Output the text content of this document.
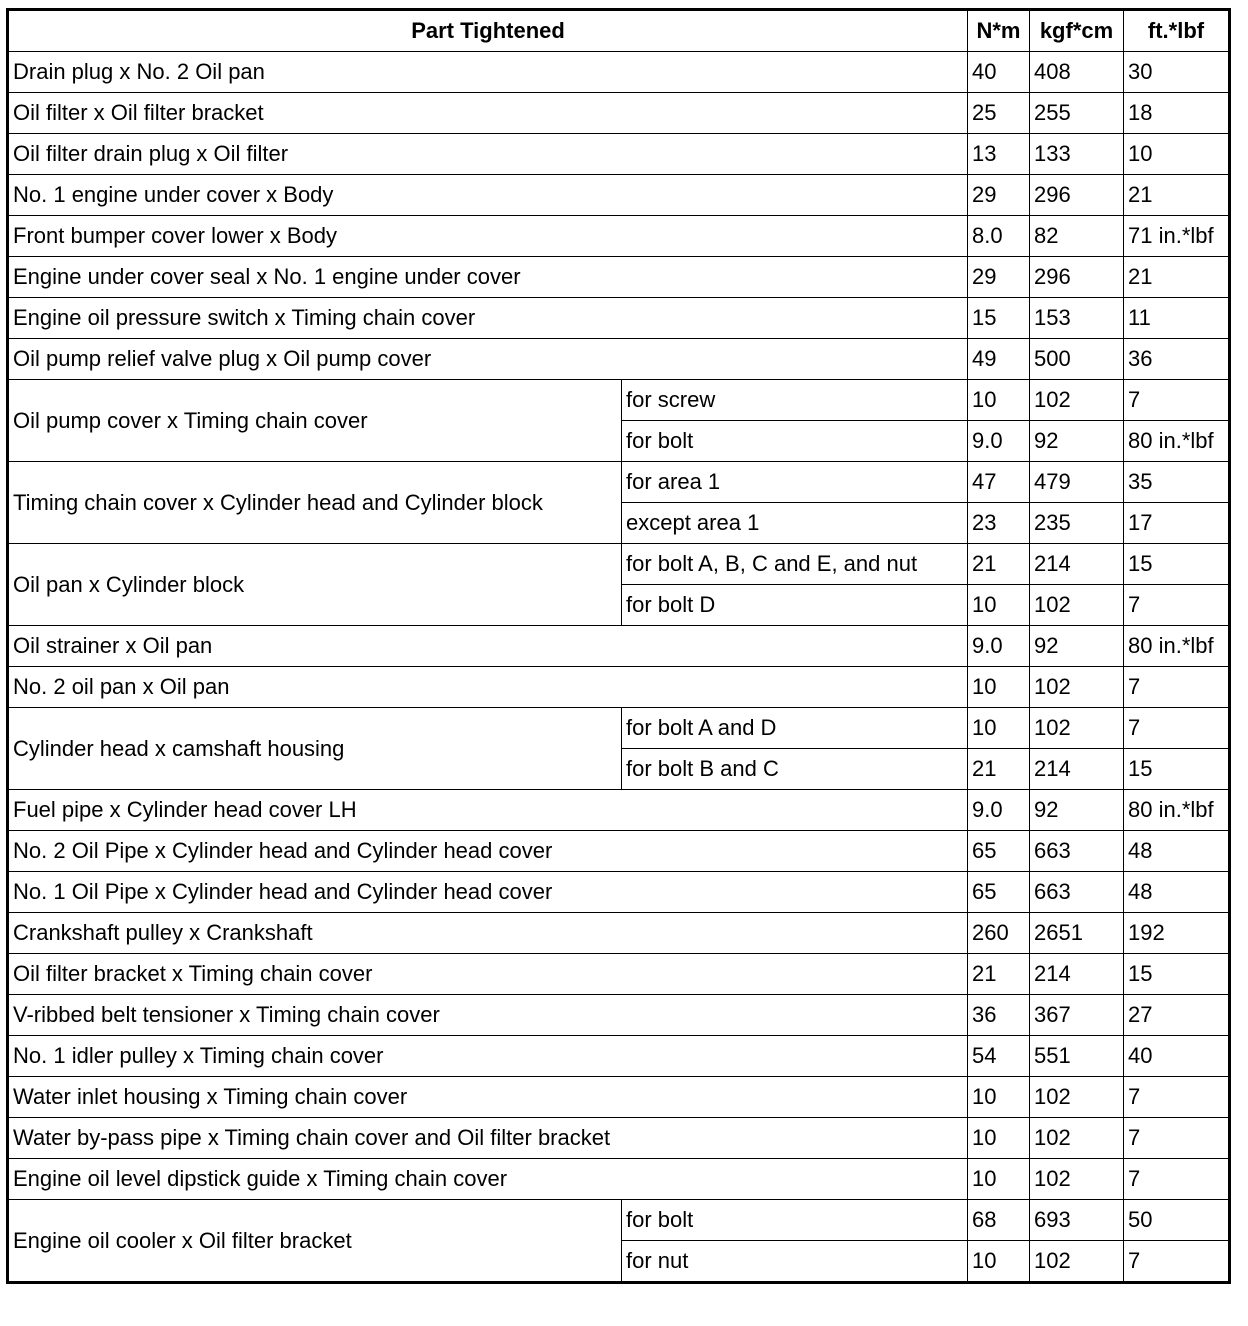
Part Tightened		N*m	kgf*cm	ft.*lbf
Drain plug x No. 2 Oil pan		40	408	30
Oil filter x Oil filter bracket		25	255	18
Oil filter drain plug x Oil filter		13	133	10
No. 1 engine under cover x Body		29	296	21
Front bumper cover lower x Body		8.0	82	71 in.*lbf
Engine under cover seal x No. 1 engine under cover		29	296	21
Engine oil pressure switch x Timing chain cover		15	153	11
Oil pump relief valve plug x Oil pump cover		49	500	36
Oil pump cover x Timing chain cover	for screw	10	102	7
	for bolt	9.0	92	80 in.*lbf
Timing chain cover x Cylinder head and Cylinder block	for area 1	47	479	35
	except area 1	23	235	17
Oil pan x Cylinder block	for bolt A, B, C and E, and nut	21	214	15
	for bolt D	10	102	7
Oil strainer x Oil pan		9.0	92	80 in.*lbf
No. 2 oil pan x Oil pan		10	102	7
Cylinder head x camshaft housing	for bolt A and D	10	102	7
	for bolt B and C	21	214	15
Fuel pipe x Cylinder head cover LH		9.0	92	80 in.*lbf
No. 2 Oil Pipe x Cylinder head and Cylinder head cover		65	663	48
No. 1 Oil Pipe x Cylinder head and Cylinder head cover		65	663	48
Crankshaft pulley x Crankshaft		260	2651	192
Oil filter bracket x Timing chain cover		21	214	15
V-ribbed belt tensioner x Timing chain cover		36	367	27
No. 1 idler pulley x Timing chain cover		54	551	40
Water inlet housing x Timing chain cover		10	102	7
Water by-pass pipe x Timing chain cover and Oil filter bracket		10	102	7
Engine oil level dipstick guide x Timing chain cover		10	102	7
Engine oil cooler x Oil filter bracket	for bolt	68	693	50
	for nut	10	102	7
